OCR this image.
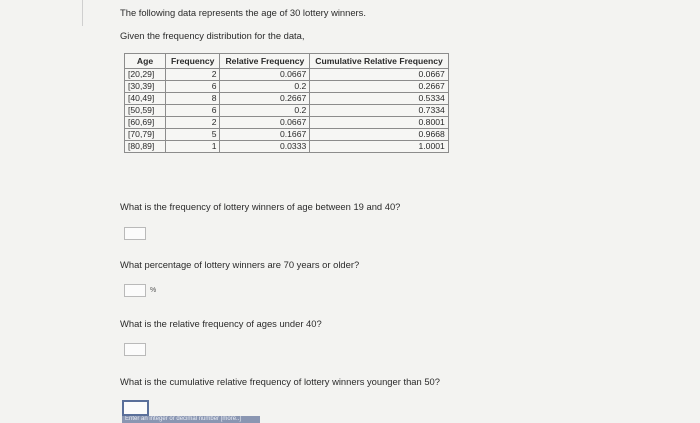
The following data represents the age of 30 lottery winners.
Given the frequency distribution for the data,
Age	Frequency	Relative Frequency	Cumulative Relative Frequency
[20,29]	2	0.0667	0.0667
[30,39]	6	0.2	0.2667
[40,49]	8	0.2667	0.5334
[50,59]	6	0.2	0.7334
[60,69]	2	0.0667	0.8001
[70,79]	5	0.1667	0.9668
[80,89]	1	0.0333	1.0001
What is the frequency of lottery winners of age between 19 and 40?
What percentage of lottery winners are 70 years or older?
%
What is the relative frequency of ages under 40?
What is the cumulative relative frequency of lottery winners younger than 50?
Enter an integer or decimal number [more..]
